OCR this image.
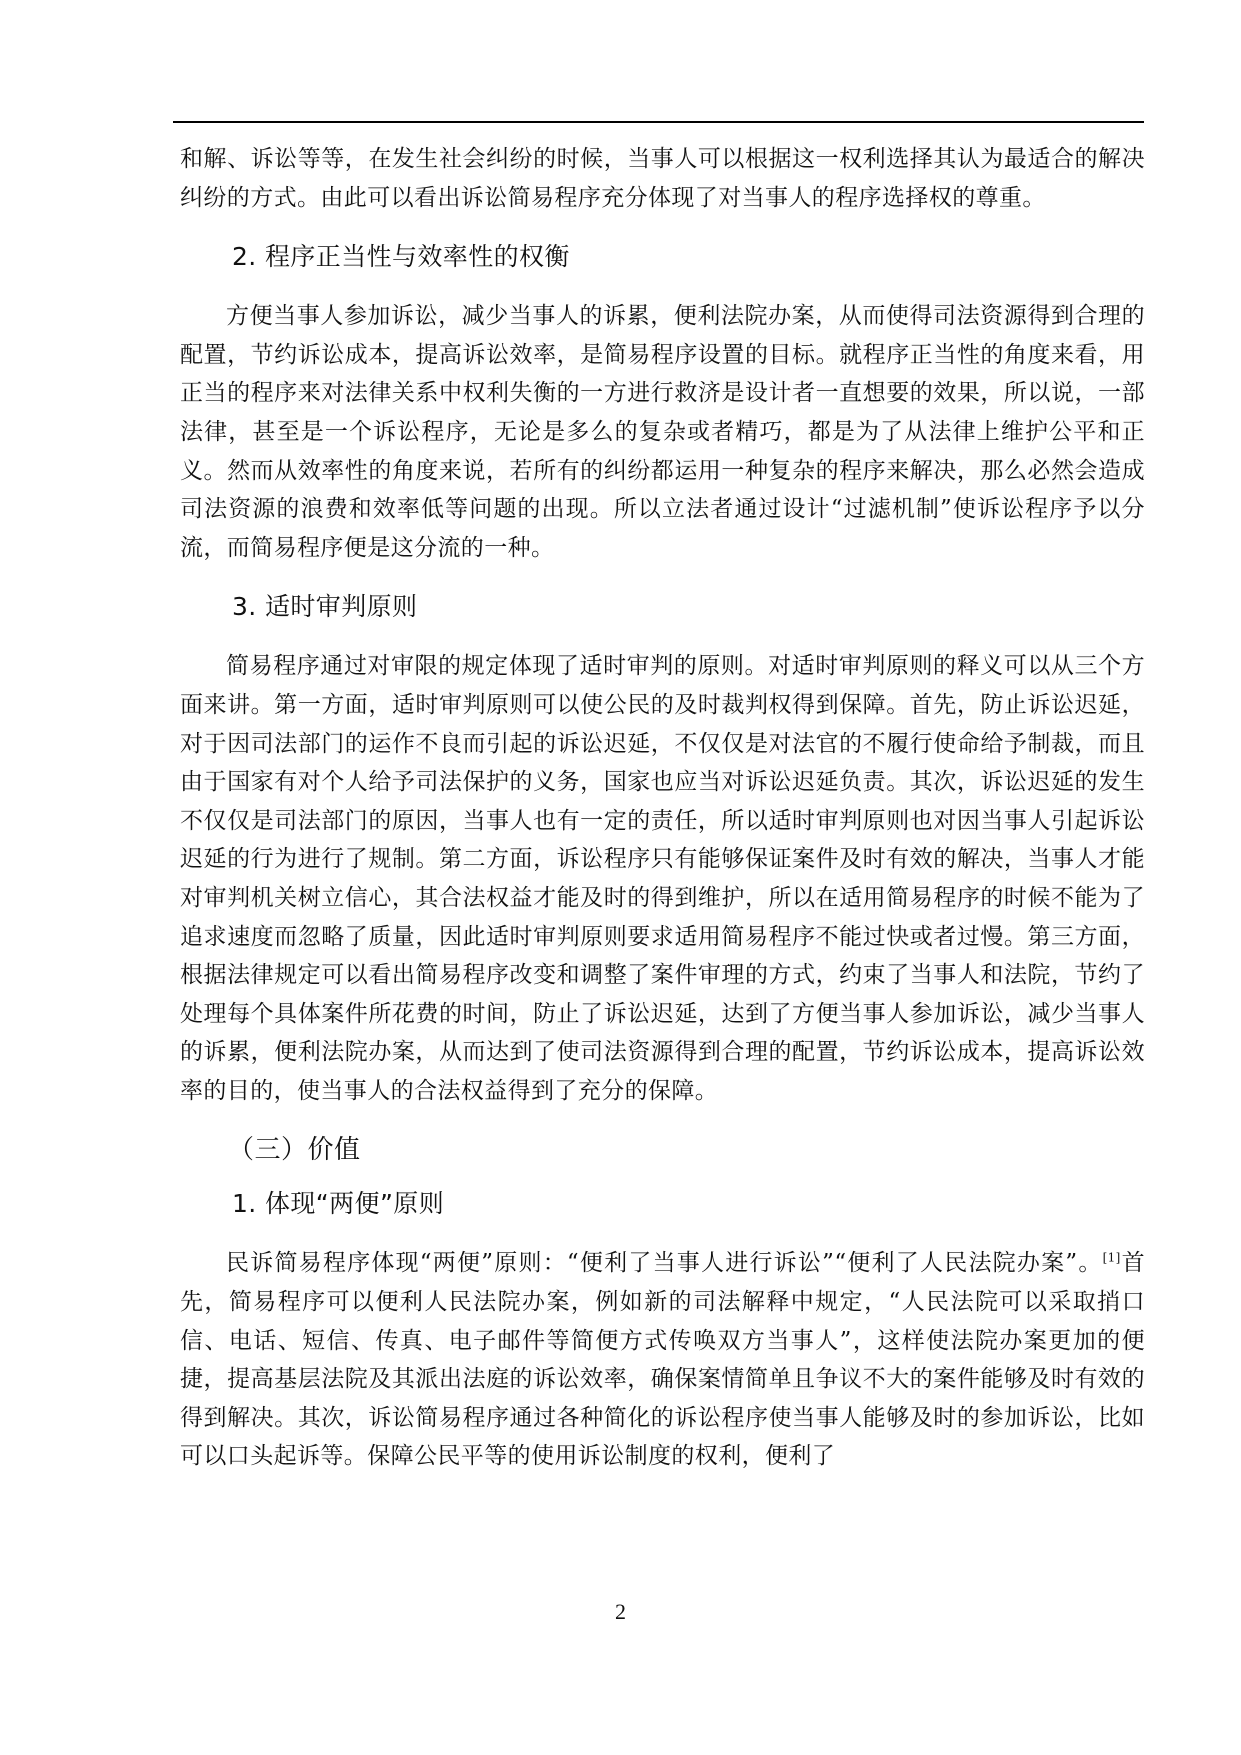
和解、诉讼等等，在发生社会纠纷的时候，当事人可以根据这一权利选择其认为最适合的解决纠纷的方式。由此可以看出诉讼简易程序充分体现了对当事人的程序选择权的尊重。

2. 程序正当性与效率性的权衡

方便当事人参加诉讼，减少当事人的诉累，便利法院办案，从而使得司法资源得到合理的配置，节约诉讼成本，提高诉讼效率，是简易程序设置的目标。就程序正当性的角度来看，用正当的程序来对法律关系中权利失衡的一方进行救济是设计者一直想要的效果，所以说，一部法律，甚至是一个诉讼程序，无论是多么的复杂或者精巧，都是为了从法律上维护公平和正义。然而从效率性的角度来说，若所有的纠纷都运用一种复杂的程序来解决，那么必然会造成司法资源的浪费和效率低等问题的出现。所以立法者通过设计“过滤机制”使诉讼程序予以分流，而简易程序便是这分流的一种。

3. 适时审判原则

简易程序通过对审限的规定体现了适时审判的原则。对适时审判原则的释义可以从三个方面来讲。第一方面，适时审判原则可以使公民的及时裁判权得到保障。首先，防止诉讼迟延，对于因司法部门的运作不良而引起的诉讼迟延，不仅仅是对法官的不履行使命给予制裁，而且由于国家有对个人给予司法保护的义务，国家也应当对诉讼迟延负责。其次，诉讼迟延的发生不仅仅是司法部门的原因，当事人也有一定的责任，所以适时审判原则也对因当事人引起诉讼迟延的行为进行了规制。第二方面，诉讼程序只有能够保证案件及时有效的解决，当事人才能对审判机关树立信心，其合法权益才能及时的得到维护，所以在适用简易程序的时候不能为了追求速度而忽略了质量，因此适时审判原则要求适用简易程序不能过快或者过慢。第三方面，根据法律规定可以看出简易程序改变和调整了案件审理的方式，约束了当事人和法院，节约了处理每个具体案件所花费的时间，防止了诉讼迟延，达到了方便当事人参加诉讼，减少当事人的诉累，便利法院办案，从而达到了使司法资源得到合理的配置，节约诉讼成本，提高诉讼效率的目的，使当事人的合法权益得到了充分的保障。

（三）价值
1. 体现“两便”原则

民诉简易程序体现“两便”原则：“便利了当事人进行诉讼”“便利了人民法院办案”。[1]首先，简易程序可以便利人民法院办案，例如新的司法解释中规定，“人民法院可以采取捎口信、电话、短信、传真、电子邮件等简便方式传唤双方当事人”，这样使法院办案更加的便捷，提高基层法院及其派出法庭的诉讼效率，确保案情简单且争议不大的案件能够及时有效的得到解决。其次，诉讼简易程序通过各种简化的诉讼程序使当事人能够及时的参加诉讼，比如可以口头起诉等。保障公民平等的使用诉讼制度的权利，便利了

2
